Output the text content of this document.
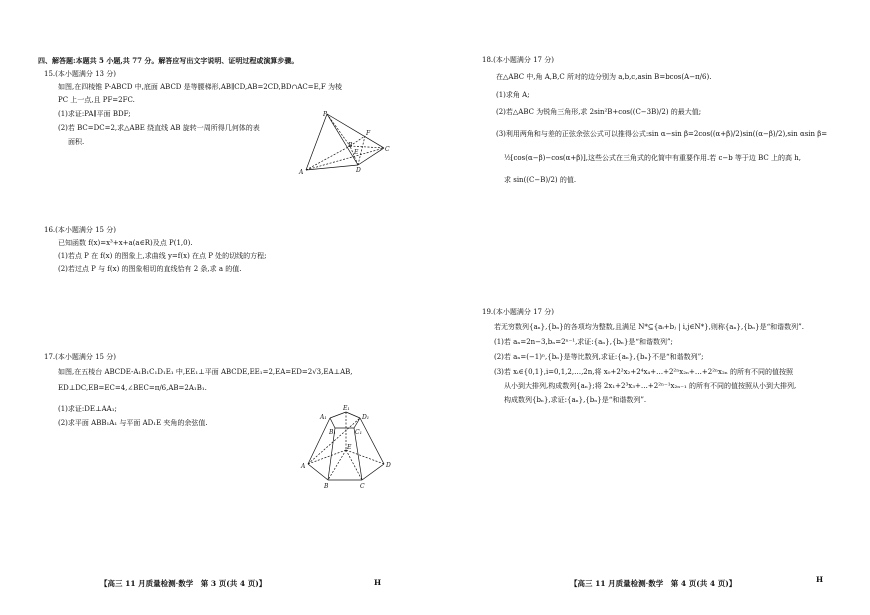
四、解答题:本题共 5 小题,共 77 分。解答应写出文字说明、证明过程或演算步骤。
15.(本小题满分 13 分)
如图,在四棱锥 P-ABCD 中,底面 ABCD 是等腰梯形,AB∥CD,AB=2CD,BD∩AC=E,F 为棱
PC 上一点,且 PF=2FC.
(1)求证:PA∥平面 BDF;
(2)若 BC=DC=2,求△ABE 绕直线 AB 旋转一周所得几何体的表
面积.
P
F
E
A
B
C
D
16.(本小题满分 15 分)
已知函数 f(x)=x³+x+a(a∈R)及点 P(1,0).
(1)若点 P 在 f(x) 的图象上,求曲线 y=f(x) 在点 P 处的切线的方程;
(2)若过点 P 与 f(x) 的图象相切的直线恰有 2 条,求 a 的值.
17.(本小题满分 15 分)
如图,在五棱台 ABCDE-A₁B₁C₁D₁E₁ 中,EE₁⊥平面 ABCDE,EE₁=2,EA=ED=2√3,EA⊥AB,
ED⊥DC,EB=EC=4,∠BEC=π/6,AB=2A₁B₁.
(1)求证:DE⊥AA₁;
(2)求平面 ABB₁A₁ 与平面 AD₁E 夹角的余弦值.
E₁
A₁	D₁
B₁	C₁
A
B	C
D
E
【高三 11 月质量检测·数学　第 3 页(共 4 页)】	H
18.(本小题满分 17 分)
在△ABC 中,角 A,B,C 所对的边分别为 a,b,c,asin B=bcos(A−π/6).
(1)求角 A;
(2)若△ABC 为锐角三角形,求 2sin²B+cos((C−3B)/2) 的最大值;
(3)利用两角和与差的正弦余弦公式可以推得公式:sin α−sin β=2cos((α+β)/2)sin((α−β)/2),sin αsin β=
½[cos(α−β)−cos(α+β)],这些公式在三角式的化简中有重要作用.若 c−b 等于边 BC 上的高 h,
求 sin((C−B)/2) 的值.
19.(本小题满分 17 分)
若无穷数列{aₙ},{bₙ}的各项均为整数,且满足 N*⊆{aᵢ+bⱼ | i,j∈N*},则称{aₙ},{bₙ}是“和谐数列”.
(1)若 aₙ=2n−3,bₙ=2ⁿ⁻¹,求证:{aₙ},{bₙ}是“和谐数列”;
(2)若 aₙ=(−1)ⁿ,{bₙ}是等比数列,求证:{aₙ},{bₙ}不是“和谐数列”;
(3)若 xᵢ∈{0,1},i=0,1,2,…,2n,将 x₀+2²x₂+2⁴x₄+…+2²ⁿx₂ₙ+…+2²ⁿx₂ₙ 的所有不同的值按照
从小到大排列,构成数列{aₙ};将 2x₁+2³x₃+…+2²ⁿ⁻¹x₂ₙ₋₁ 的所有不同的值按照从小到大排列,
构成数列{bₙ},求证:{aₙ},{bₙ}是“和谐数列”.
【高三 11 月质量检测·数学　第 4 页(共 4 页)】	H
